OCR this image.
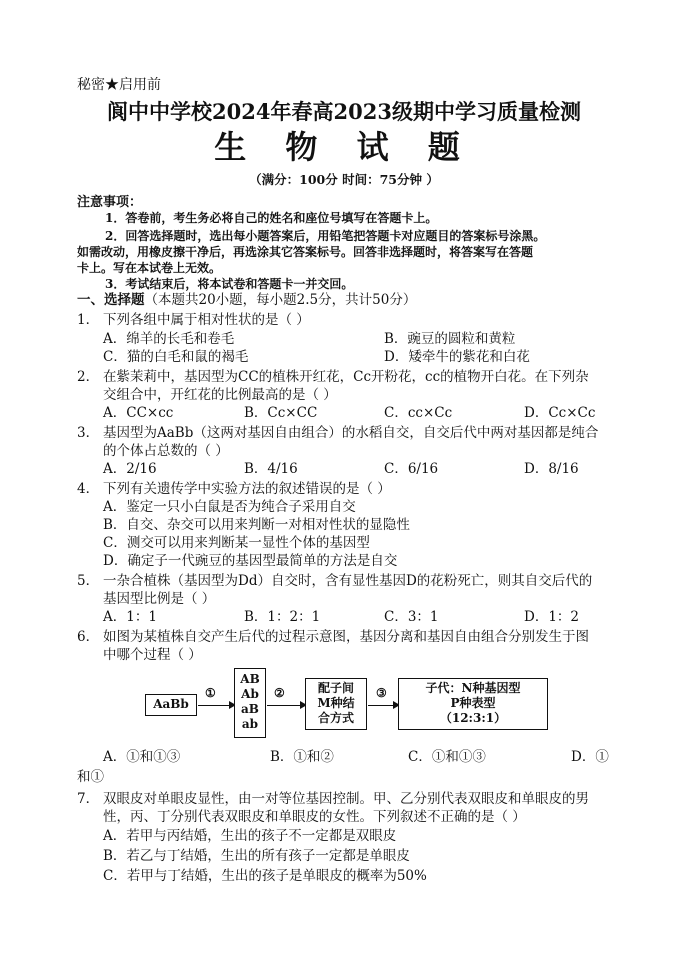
秘密★启用前
阆中中学校2024年春高2023级期中学习质量检测
生 物 试 题
（满分：100分 时间：75分钟 ）
注意事项：
1．答卷前，考生务必将自己的姓名和座位号填写在答题卡上。
2．回答选择题时，选出每小题答案后，用铅笔把答题卡对应题目的答案标号涂黑。
如需改动，用橡皮擦干净后，再选涂其它答案标号。回答非选择题时，将答案写在答题
卡上。写在本试卷上无效。
3．考试结束后，将本试卷和答题卡一并交回。
一、选择题（本题共20小题，每小题2.5分，共计50分）
1． 下列各组中属于相对性状的是（ ）
A．绵羊的长毛和卷毛	B．豌豆的圆粒和黄粒
C．猫的白毛和鼠的褐毛	D．矮牵牛的紫花和白花
2． 在紫茉莉中，基因型为CC的植株开红花，Cc开粉花，cc的植物开白花。在下列杂
交组合中，开红花的比例最高的是（ ）
A．CC×cc	B．Cc×CC	C．cc×Cc	D．Cc×Cc
3． 基因型为AaBb（这两对基因自由组合）的水稻自交，自交后代中两对基因都是纯合
的个体占总数的（ ）
A．2/16	B．4/16	C．6/16	D．8/16
4． 下列有关遗传学中实验方法的叙述错误的是（ ）
A．鉴定一只小白鼠是否为纯合子采用自交
B．自交、杂交可以用来判断一对相对性状的显隐性
C．测交可以用来判断某一显性个体的基因型
D．确定子一代豌豆的基因型最简单的方法是自交
5． 一杂合植株（基因型为Dd）自交时，含有显性基因D的花粉死亡，则其自交后代的
基因型比例是（ ）
A．1：1	B．1：2：1	C．3：1	D．1：2
6． 如图为某植株自交产生后代的过程示意图，基因分离和基因自由组合分别发生于图
中哪个过程（ ）
AaBb
①
AB
Ab
aB
ab
②	配子间
M种结
合方式
③	子代：N种基因型
P种表型
（12:3:1）
A．①和①③	B．①和②	C．①和①③	D．①
和①
7． 双眼皮对单眼皮显性，由一对等位基因控制。甲、乙分别代表双眼皮和单眼皮的男
性，丙、丁分别代表双眼皮和单眼皮的女性。下列叙述不正确的是（ ）
A．若甲与丙结婚，生出的孩子不一定都是双眼皮
B．若乙与丁结婚，生出的所有孩子一定都是单眼皮
C．若甲与丁结婚，生出的孩子是单眼皮的概率为50%
